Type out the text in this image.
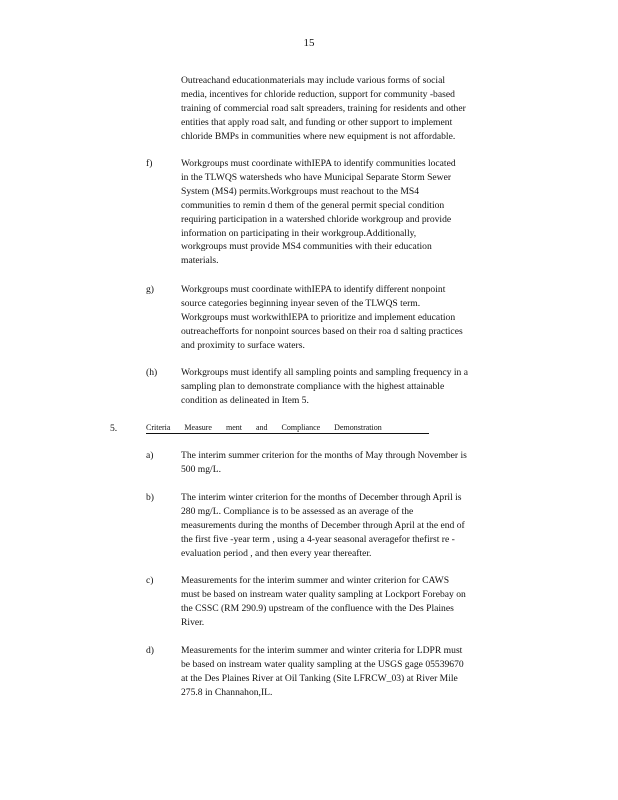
15
Outreachand educationmaterials may include various forms of social
media, incentives for chloride reduction, support for community -based
training of commercial road salt spreaders, training for residents and other
entities that apply road salt, and funding or other support to implement
chloride BMPs in communities where new equipment is not affordable.
f)	Workgroups must coordinate withIEPA to identify communities located
in the TLWQS watersheds who have Municipal Separate Storm Sewer
System (MS4) permits.Workgroups must reachout to the MS4
communities to remin d them of the general permit special condition
requiring participation in a watershed chloride workgroup and provide
information on participating in their workgroup.Additionally,
workgroups must provide MS4 communities with their education
materials.
g)	Workgroups must coordinate withIEPA to identify different nonpoint
source categories beginning inyear seven of the TLWQS term.
Workgroups must workwithIEPA to prioritize and implement education
outreachefforts for nonpoint sources based on their roa d salting practices
and proximity to surface waters.
(h)	Workgroups must identify all sampling points and sampling frequency in a
sampling plan to demonstrate compliance with the highest attainable
condition as delineated in Item 5.
5.	Criteria Measure ment and Compliance Demonstration
a)	The interim summer criterion for the months of May through November is
500 mg/L.
b)	The interim winter criterion for the months of December through April is
280 mg/L. Compliance is to be assessed as an average of the
measurements during the months of December through April at the end of
the first five -year term , using a 4-year seasonal averagefor thefirst re -
evaluation period , and then every year thereafter.
c)	Measurements for the interim summer and winter criterion for CAWS
must be based on instream water quality sampling at Lockport Forebay on
the CSSC (RM 290.9) upstream of the confluence with the Des Plaines
River.
d)	Measurements for the interim summer and winter criteria for LDPR must
be based on instream water quality sampling at the USGS gage 05539670
at the Des Plaines River at Oil Tanking (Site LFRCW_03) at River Mile
275.8 in Channahon,IL.
